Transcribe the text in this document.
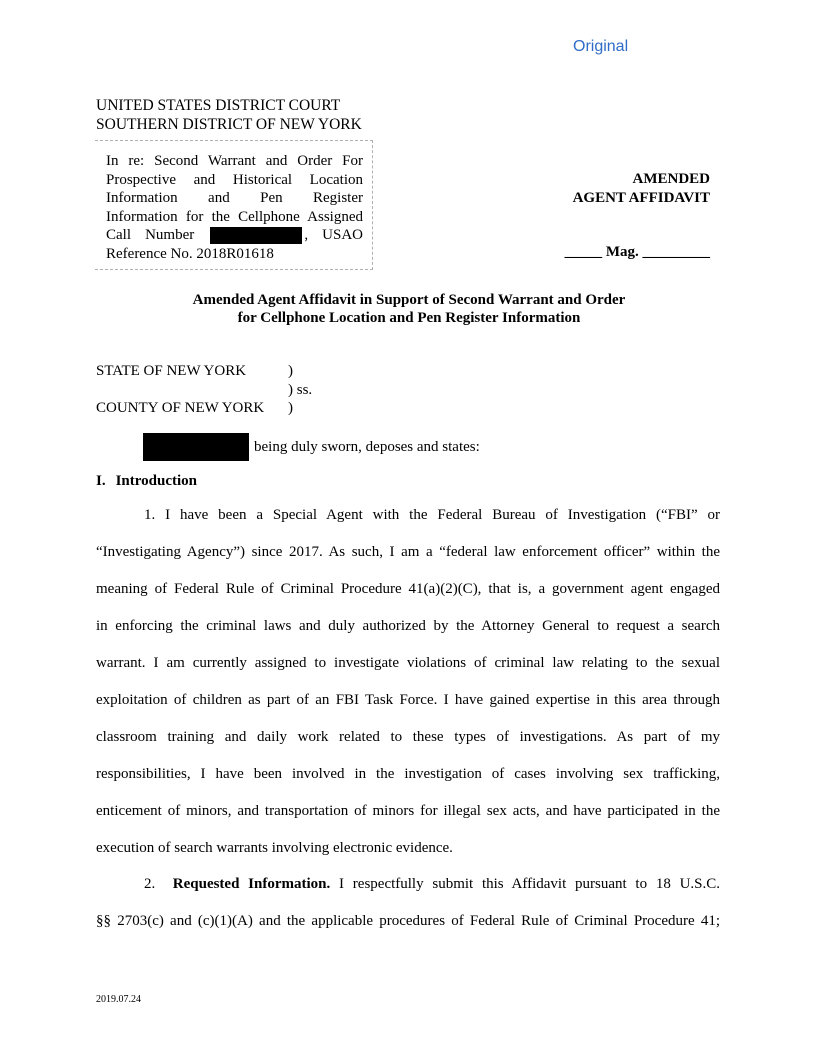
Original
UNITED STATES DISTRICT COURT
SOUTHERN DISTRICT OF NEW YORK
In re: Second Warrant and Order For
Prospective and Historical Location
Information and Pen Register
Information for the Cellphone Assigned
Call Number	, USAO
Reference No. 2018R01618
AMENDED
AGENT AFFIDAVIT
_____ Mag. _________
Amended Agent Affidavit in Support of Second Warrant and Order
for Cellphone Location and Pen Register Information
STATE OF NEW YORK	)
) ss.
COUNTY OF NEW YORK	)
being duly sworn, deposes and states:
I. Introduction
1. I have been a Special Agent with the Federal Bureau of Investigation (“FBI” or
“Investigating Agency”) since 2017. As such, I am a “federal law enforcement officer” within the
meaning of Federal Rule of Criminal Procedure 41(a)(2)(C), that is, a government agent engaged
in enforcing the criminal laws and duly authorized by the Attorney General to request a search
warrant. I am currently assigned to investigate violations of criminal law relating to the sexual
exploitation of children as part of an FBI Task Force. I have gained expertise in this area through
classroom training and daily work related to these types of investigations. As part of my
responsibilities, I have been involved in the investigation of cases involving sex trafficking,
enticement of minors, and transportation of minors for illegal sex acts, and have participated in the
execution of search warrants involving electronic evidence.
2. Requested Information. I respectfully submit this Affidavit pursuant to 18 U.S.C.
§§ 2703(c) and (c)(1)(A) and the applicable procedures of Federal Rule of Criminal Procedure 41;
2019.07.24
